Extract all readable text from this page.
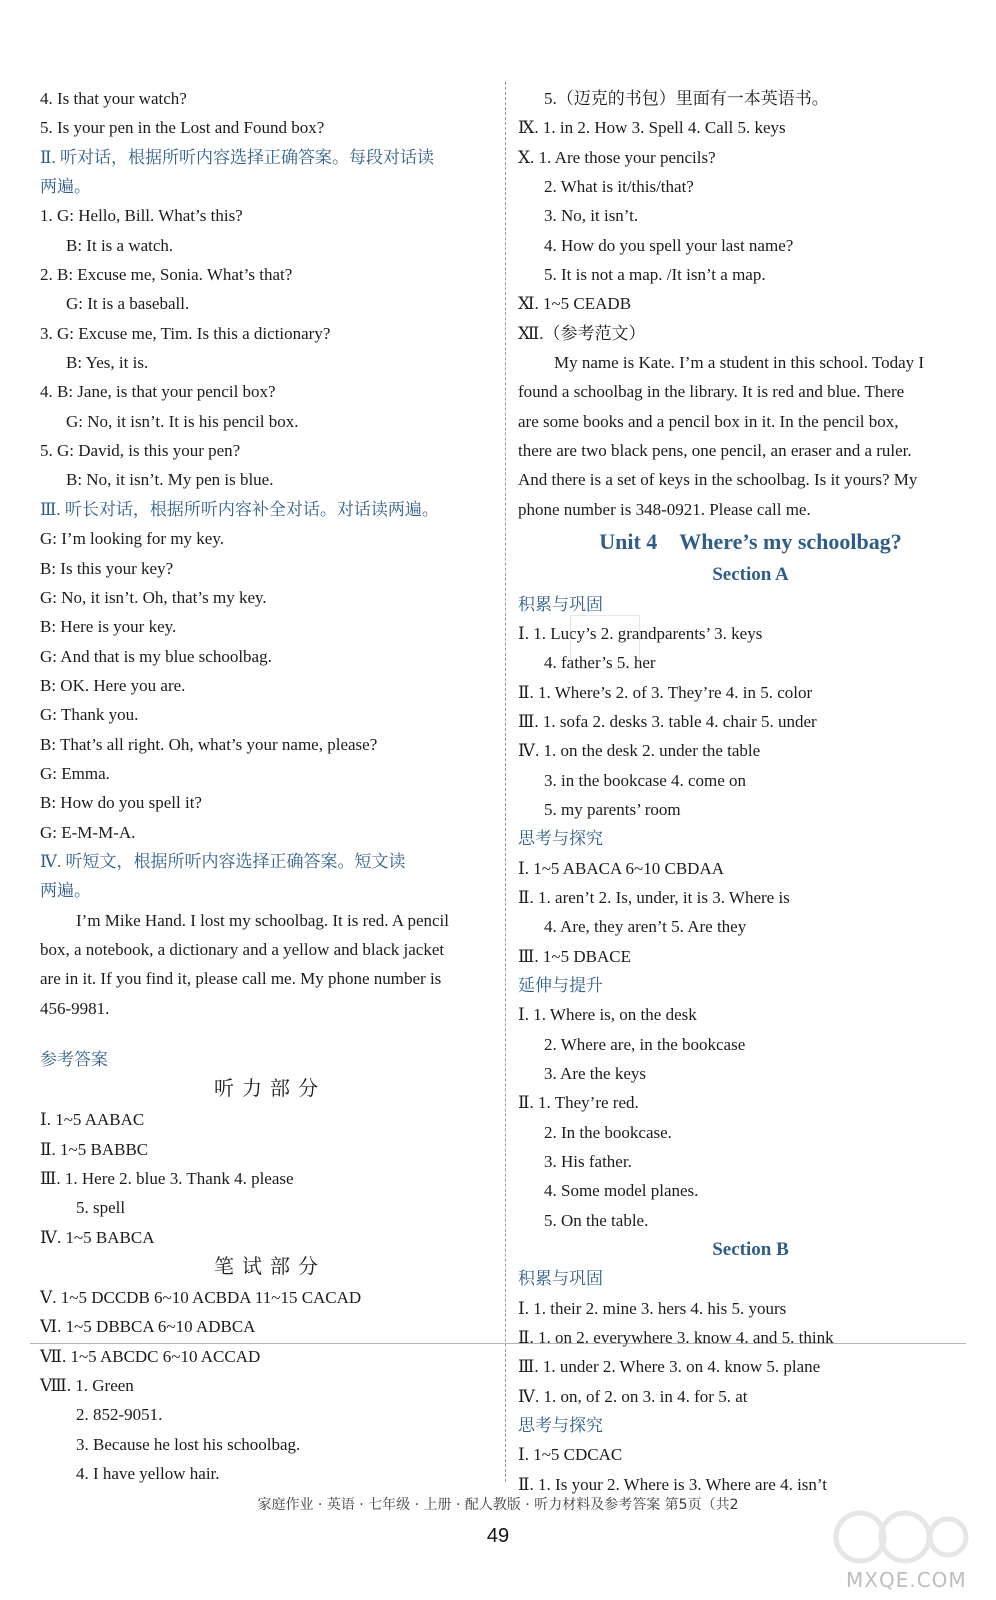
4. Is that your watch?
5. Is your pen in the Lost and Found box?
Ⅱ. 听对话，根据所听内容选择正确答案。每段对话读
两遍。
1. G: Hello, Bill. What’s this?
B: It is a watch.
2. B: Excuse me, Sonia. What’s that?
G: It is a baseball.
3. G: Excuse me, Tim. Is this a dictionary?
B: Yes, it is.
4. B: Jane, is that your pencil box?
G: No, it isn’t. It is his pencil box.
5. G: David, is this your pen?
B: No, it isn’t. My pen is blue.
Ⅲ. 听长对话，根据所听内容补全对话。对话读两遍。
G: I’m looking for my key.
B: Is this your key?
G: No, it isn’t. Oh, that’s my key.
B: Here is your key.
G: And that is my blue schoolbag.
B: OK. Here you are.
G: Thank you.
B: That’s all right. Oh, what’s your name, please?
G: Emma.
B: How do you spell it?
G: E-M-M-A.
Ⅳ. 听短文，根据所听内容选择正确答案。短文读
两遍。
I’m Mike Hand. I lost my schoolbag. It is red. A pencil
box, a notebook, a dictionary and a yellow and black jacket
are in it. If you find it, please call me. My phone number is
456-9981.
参考答案
听力部分
Ⅰ. 1~5 AABAC
Ⅱ. 1~5 BABBC
Ⅲ. 1. Here 2. blue 3. Thank 4. please
5. spell
Ⅳ. 1~5 BABCA
笔试部分
Ⅴ. 1~5 DCCDB 6~10 ACBDA 11~15 CACAD
Ⅵ. 1~5 DBBCA 6~10 ADBCA
Ⅶ. 1~5 ABCDC 6~10 ACCAD
Ⅷ. 1. Green
2. 852-9051.
3. Because he lost his schoolbag.
4. I have yellow hair.
5.（迈克的书包）里面有一本英语书。
Ⅸ. 1. in 2. How 3. Spell 4. Call 5. keys
Ⅹ. 1. Are those your pencils?
2. What is it/this/that?
3. No, it isn’t.
4. How do you spell your last name?
5. It is not a map. /It isn’t a map.
Ⅺ. 1~5 CEADB
Ⅻ.（参考范文）
My name is Kate. I’m a student in this school. Today I
found a schoolbag in the library. It is red and blue. There
are some books and a pencil box in it. In the pencil box,
there are two black pens, one pencil, an eraser and a ruler.
And there is a set of keys in the schoolbag. Is it yours? My
phone number is 348-0921. Please call me.
Unit 4 Where’s my schoolbag?
Section A
积累与巩固
Ⅰ. 1. Lucy’s 2. grandparents’ 3. keys
4. father’s 5. her
Ⅱ. 1. Where’s 2. of 3. They’re 4. in 5. color
Ⅲ. 1. sofa 2. desks 3. table 4. chair 5. under
Ⅳ. 1. on the desk 2. under the table
3. in the bookcase 4. come on
5. my parents’ room
思考与探究
Ⅰ. 1~5 ABACA 6~10 CBDAA
Ⅱ. 1. aren’t 2. Is, under, it is 3. Where is
4. Are, they aren’t 5. Are they
Ⅲ. 1~5 DBACE
延伸与提升
Ⅰ. 1. Where is, on the desk
2. Where are, in the bookcase
3. Are the keys
Ⅱ. 1. They’re red.
2. In the bookcase.
3. His father.
4. Some model planes.
5. On the table.
Section B
积累与巩固
Ⅰ. 1. their 2. mine 3. hers 4. his 5. yours
Ⅱ. 1. on 2. everywhere 3. know 4. and 5. think
Ⅲ. 1. under 2. Where 3. on 4. know 5. plane
Ⅳ. 1. on, of 2. on 3. in 4. for 5. at
思考与探究
Ⅰ. 1~5 CDCAC
Ⅱ. 1. Is your 2. Where is 3. Where are 4. isn’t
家庭作业 · 英语 · 七年级 · 上册 · 配人教版 · 听力材料及参考答案 第5页（共2
49
MXQE.COM
